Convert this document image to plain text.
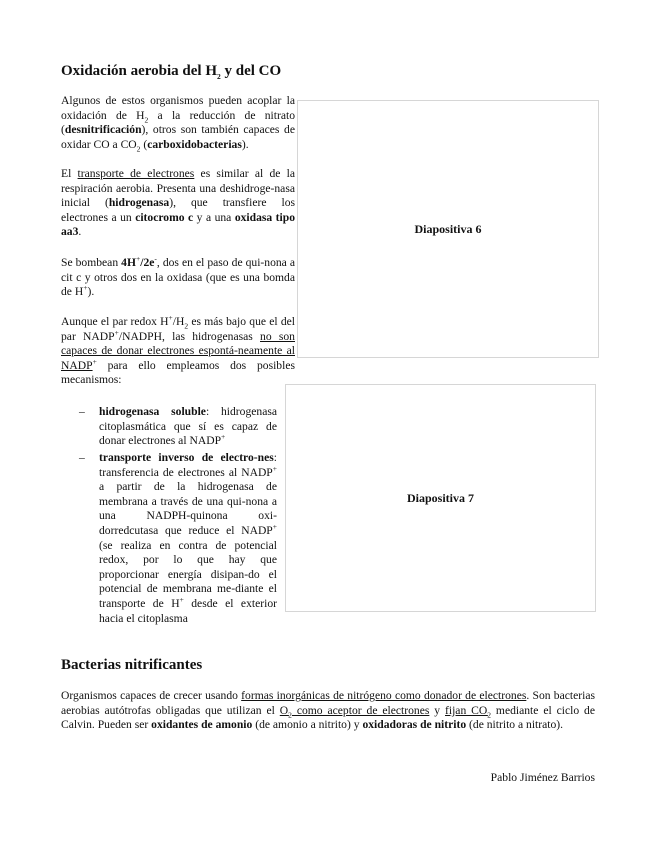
Oxidación aerobia del $H_2$ y del CO

Algunos de estos organismos pueden acoplar la oxidación de $H_2$ a la reducción de nitrato (desnitrificación), otros son también capaces de oxidar CO a $CO_2$ (carboxidobacterias).

El transporte de electrones es similar al de la respiración aerobia. Presenta una deshidroge-nasa inicial (hidrogenasa), que transfiere los electrones a un citocromo c y a una oxidasa tipo aa3.

Se bombean 4H+/2e-, dos en el paso de qui-nona a cit c y otros dos en la oxidasa (que es una bomda de H+).

Aunque el par redox $H^+/H_2$ es más bajo que el del par NADP+/NADPH, las hidrogenasas no son capaces de donar electrones espontá-neamente al NADP+ para ello empleamos dos posibles mecanismos:

– hidrogenasa soluble: hidrogenasa citoplasmática que sí es capaz de donar electrones al NADP+
– transporte inverso de electro-nes: transferencia de electrones al NADP+ a partir de la hidrogenasa de membrana a través de una qui-nona a una NADPH-quinona oxi-dorredcutasa que reduce el NADP+ (se realiza en contra de potencial redox, por lo que hay que proporcionar energía disipan-do el potencial de membrana me-diante el transporte de H+ desde el exterior hacia el citoplasma
Diapositiva 6
Diapositiva 7
Bacterias nitrificantes

Organismos capaces de crecer usando formas inorgánicas de nitrógeno como donador de electrones. Son bacterias aerobias autótrofas obligadas que utilizan el $O_2$ como aceptor de electrones y fijan $CO_2$ mediante el ciclo de Calvin. Pueden ser oxidantes de amonio (de amonio a nitrito) y oxidadoras de nitrito (de nitrito a nitrato).

Pablo Jiménez Barrios
